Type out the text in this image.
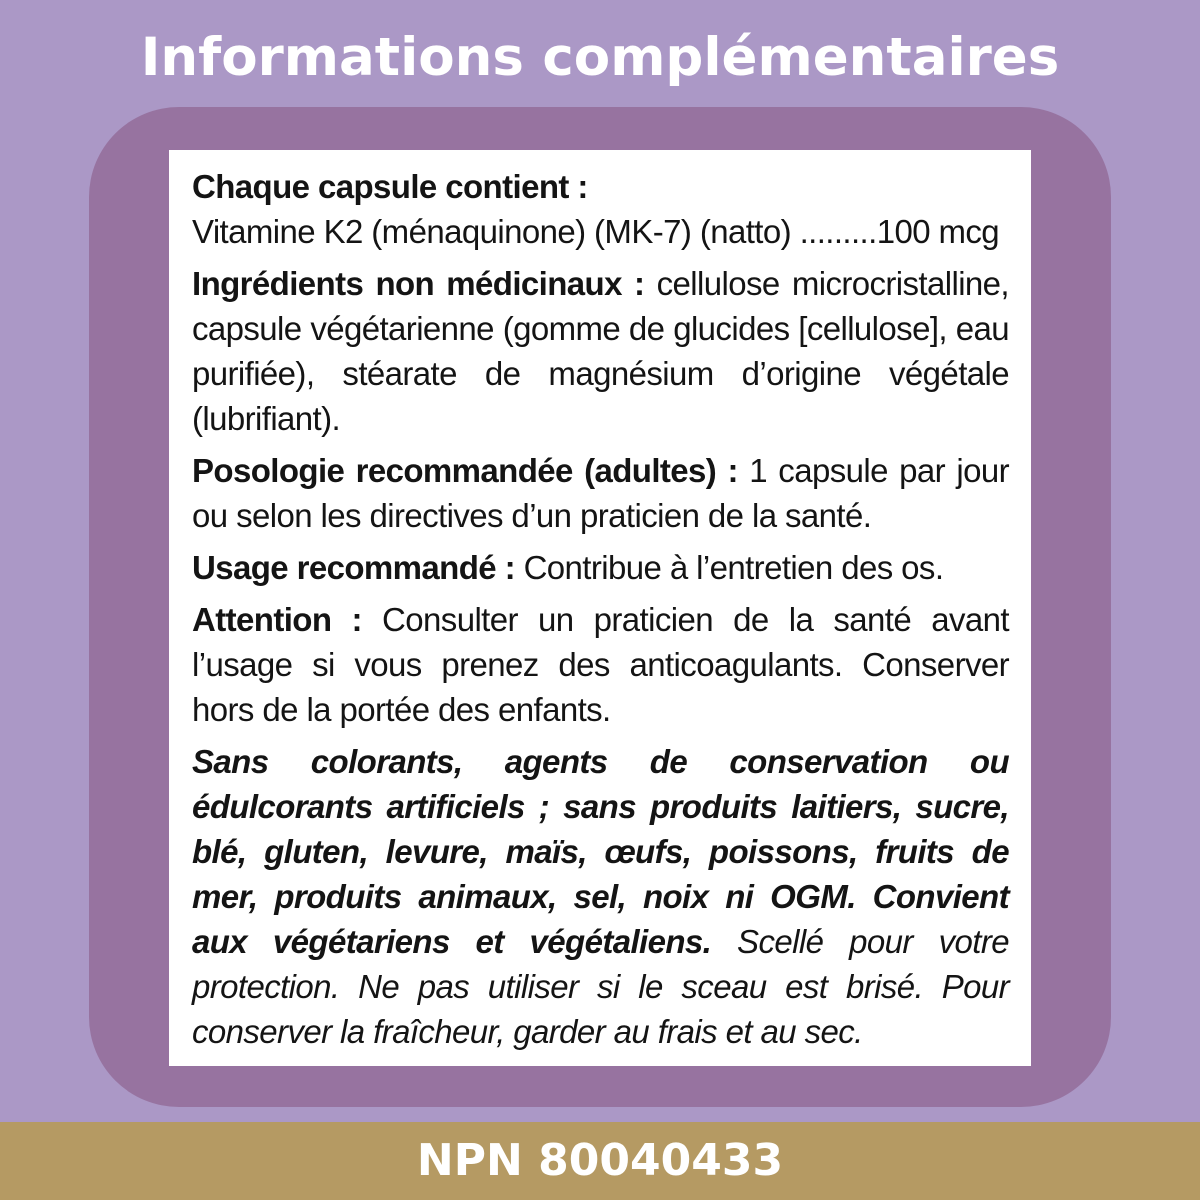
Informations complémentaires

Chaque capsule contient :

Vitamine K2 (ménaquinone) (MK-7) (natto) .........100 mcg

Ingrédients non médicinaux : cellulose microcristalline, capsule végétarienne (gomme de glucides [cellulose], eau purifiée), stéarate de magnésium d’origine végétale (lubrifiant).

Posologie recommandée (adultes) : 1 capsule par jour ou selon les directives d’un praticien de la santé.

Usage recommandé : Contribue à l’entretien des os.

Attention : Consulter un praticien de la santé avant l’usage si vous prenez des anticoagulants. Conserver hors de la portée des enfants.

Sans colorants, agents de conservation ou édulcorants artificiels ; sans produits laitiers, sucre, blé, gluten, levure, maïs, œufs, poissons, fruits de mer, produits animaux, sel, noix ni OGM. Convient aux végétariens et végétaliens. Scellé pour votre protection. Ne pas utiliser si le sceau est brisé. Pour conserver la fraîcheur, garder au frais et au sec.

NPN 80040433
